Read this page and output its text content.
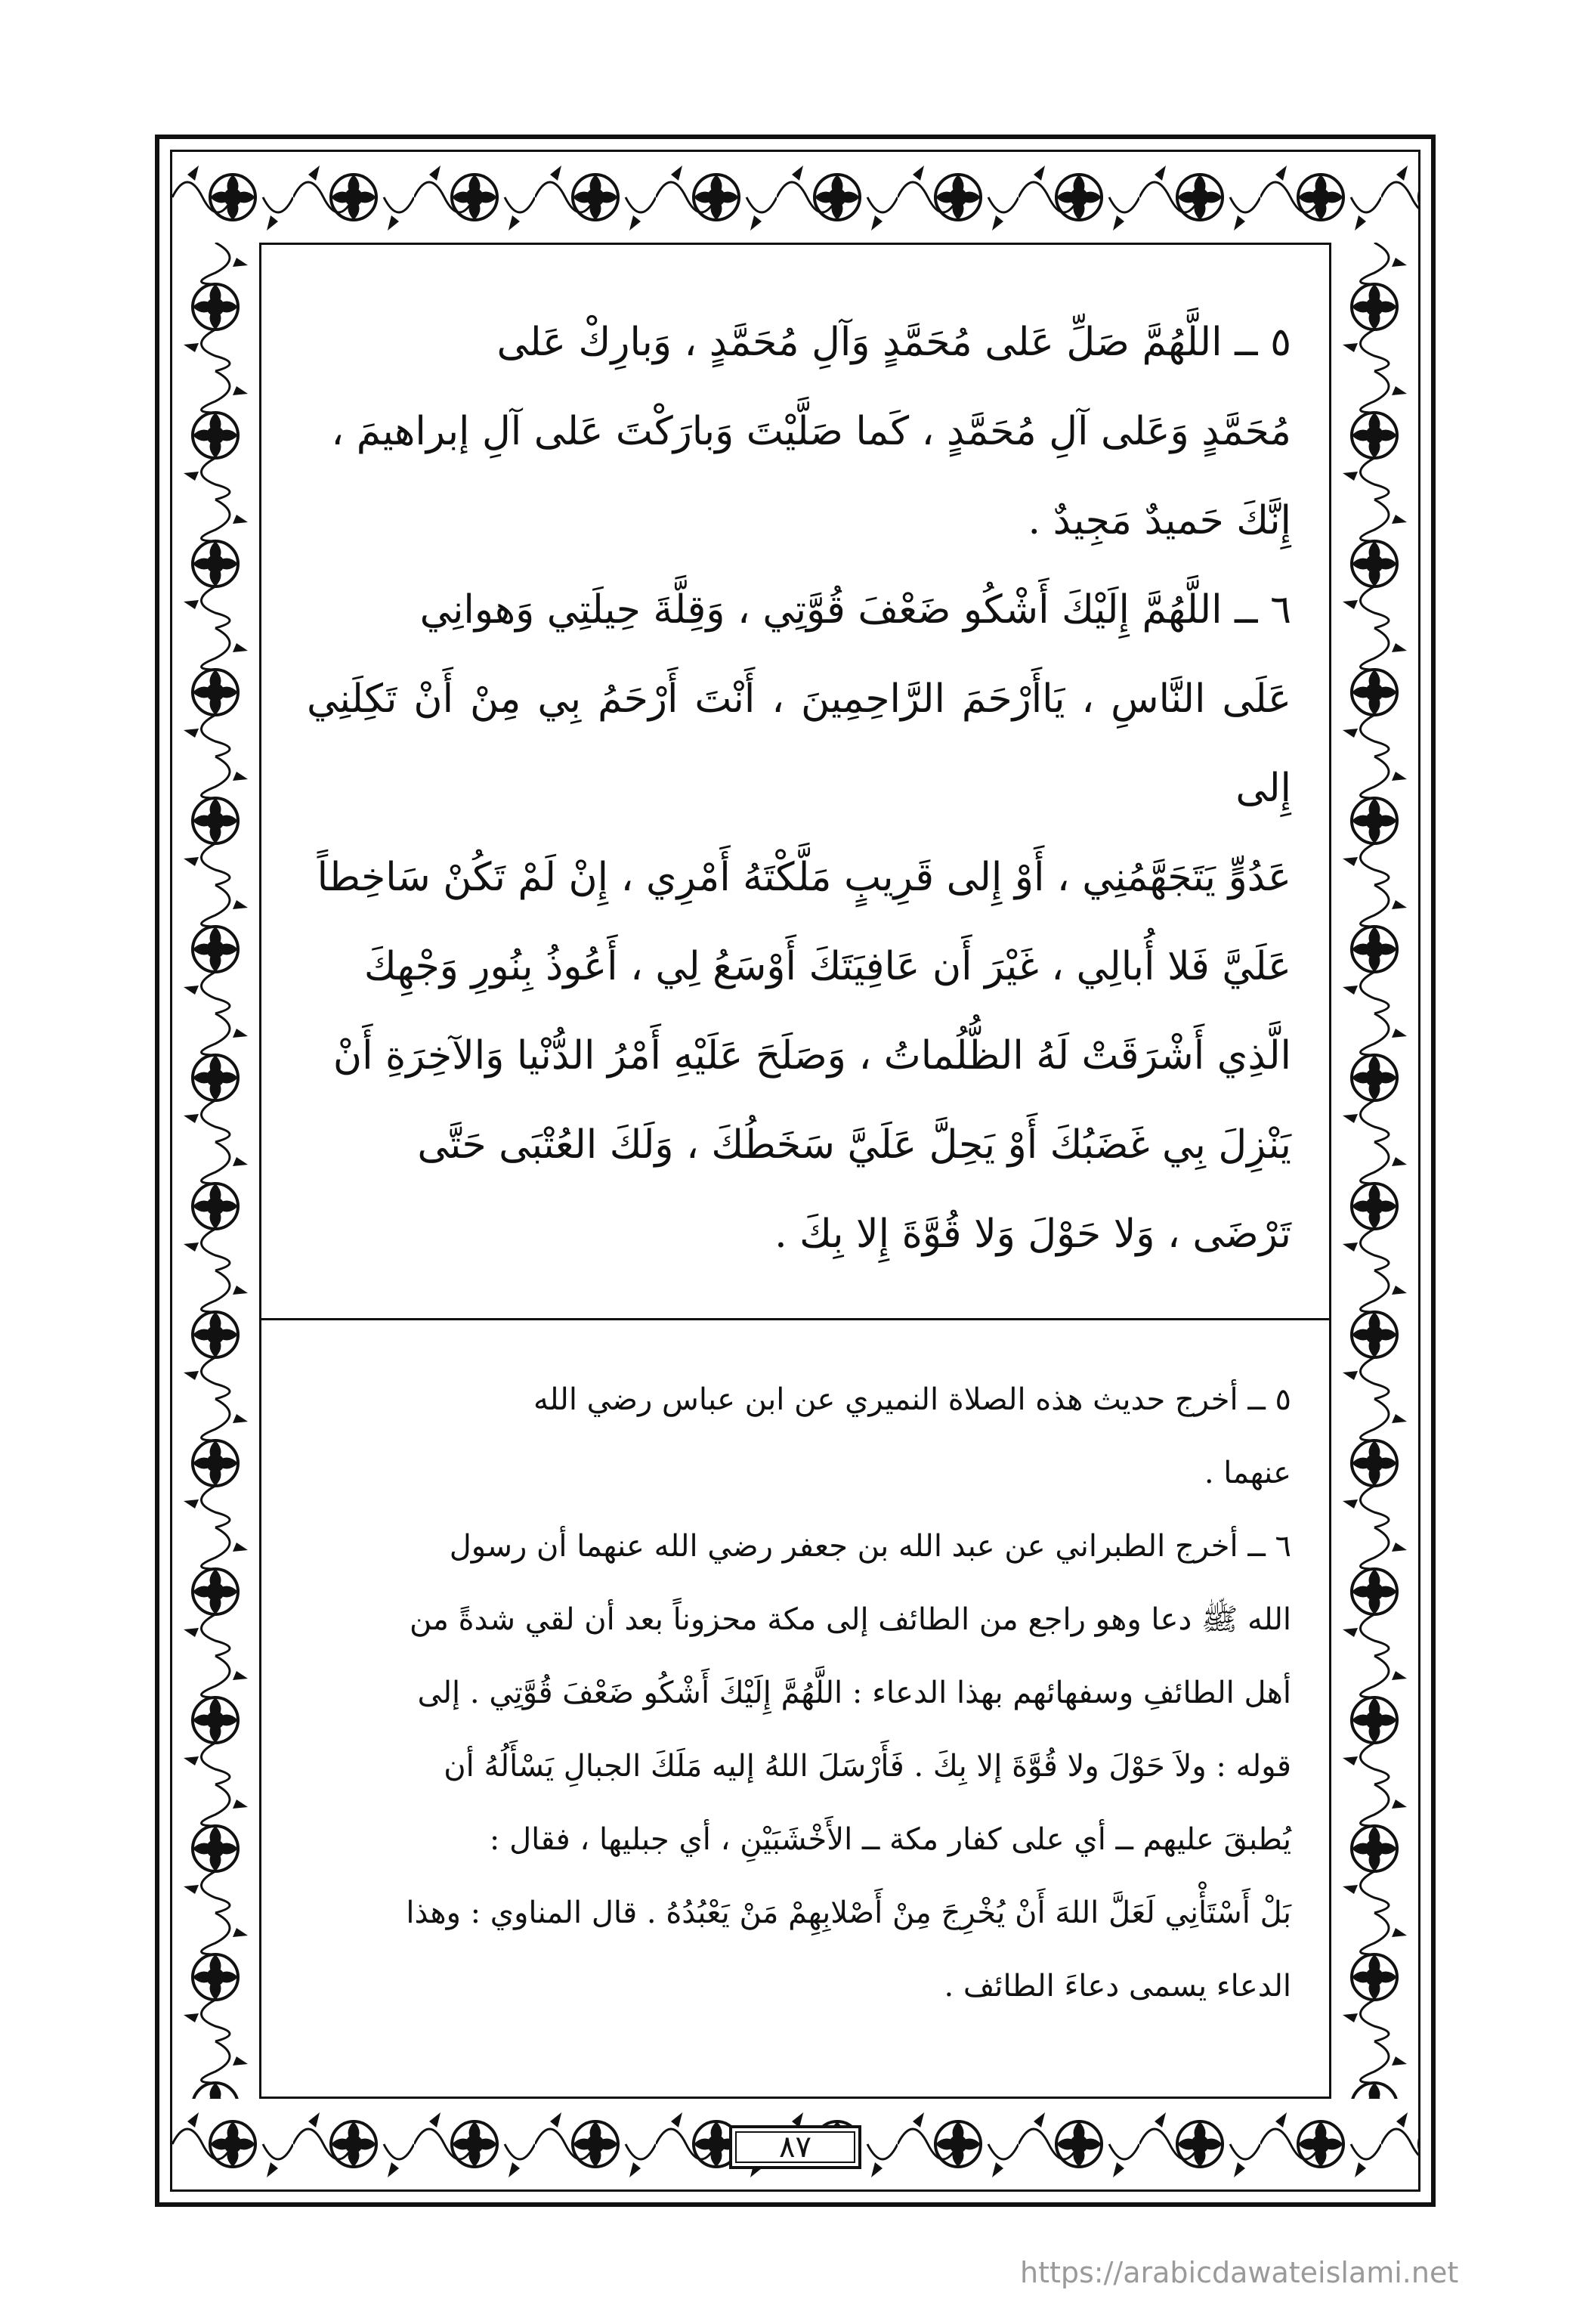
٥ ــ اللَّهُمَّ صَلِّ عَلى مُحَمَّدٍ وَآلِ مُحَمَّدٍ ، وَبارِكْ عَلى

مُحَمَّدٍ وَعَلى آلِ مُحَمَّدٍ ، كَما صَلَّيْتَ وَبارَكْتَ عَلى آلِ إبراهيمَ ،

إِنَّكَ حَميدٌ مَجِيدٌ .

٦ ــ اللَّهُمَّ إِلَيْكَ أَشْكُو ضَعْفَ قُوَّتِي ، وَقِلَّةَ حِيلَتِي وَهوانِي

عَلَى النَّاسِ ، يَاأَرْحَمَ الرَّاحِمِينَ ، أَنْتَ أَرْحَمُ بِي مِنْ أَنْ تَكِلَنِي إِلى

عَدُوٍّ يَتَجَهَّمُنِي ، أَوْ إِلى قَرِيبٍ مَلَّكْتَهُ أَمْرِي ، إِنْ لَمْ تَكُنْ سَاخِطاً

عَلَيَّ فَلا أُبالِي ، غَيْرَ أَن عَافِيَتَكَ أَوْسَعُ لِي ، أَعُوذُ بِنُورِ وَجْهِكَ

الَّذِي أَشْرَقَتْ لَهُ الظُّلُماتُ ، وَصَلَحَ عَلَيْهِ أَمْرُ الدُّنْيا وَالآخِرَةِ أَنْ

يَنْزِلَ بِي غَضَبُكَ أَوْ يَحِلَّ عَلَيَّ سَخَطُكَ ، وَلَكَ العُتْبَى حَتَّى

تَرْضَى ، وَلا حَوْلَ وَلا قُوَّةَ إِلا بِكَ .

٥ ــ أخرج حديث هذه الصلاة النميري عن ابن عباس رضي الله

عنهما .

٦ ــ أخرج الطبراني عن عبد الله بن جعفر رضي الله عنهما أن رسول

الله ﷺ دعا وهو راجع من الطائف إلى مكة محزوناً بعد أن لقي شدةً من

أهل الطائفِ وسفهائهم بهذا الدعاء : اللَّهُمَّ إِلَيْكَ أَشْكُو ضَعْفَ قُوَّتِي . إلى

قوله : ولاَ حَوْلَ ولا قُوَّةَ إلا بِكَ . فَأَرْسَلَ اللهُ إليه مَلَكَ الجبالِ يَسْأَلُهُ أن

يُطبقَ عليهم ــ أي على كفار مكة ــ الأَخْشَبَيْنِ ، أي جبليها ، فقال :

بَلْ أَسْتَأْنِي لَعَلَّ اللهَ أَنْ يُخْرِجَ مِنْ أَصْلابِهِمْ مَنْ يَعْبُدُهُ . قال المناوي : وهذا

الدعاء يسمى دعاءَ الطائف .

٨٧
https://arabicdawateislami.net
